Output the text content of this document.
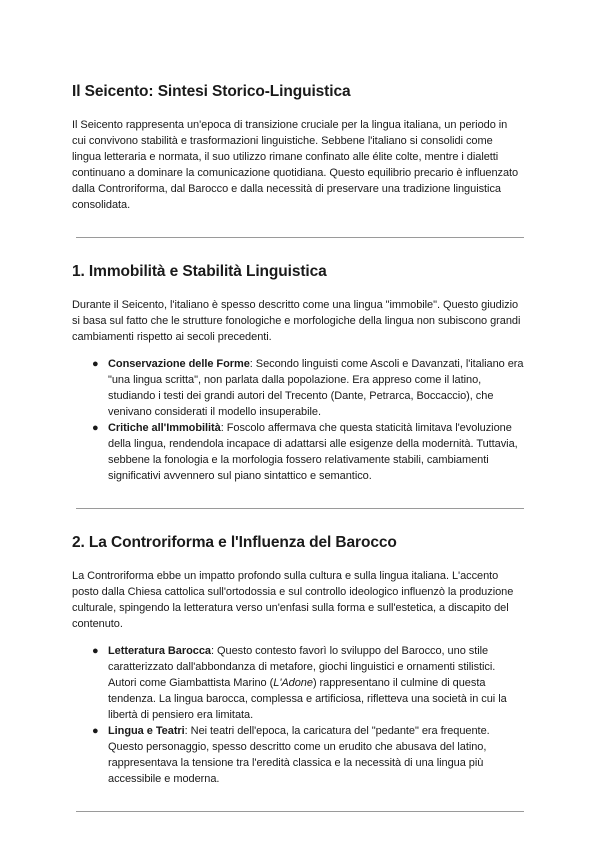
Il Seicento: Sintesi Storico-Linguistica

Il Seicento rappresenta un'epoca di transizione cruciale per la lingua italiana, un periodo in cui convivono stabilità e trasformazioni linguistiche. Sebbene l'italiano si consolidi come lingua letteraria e normata, il suo utilizzo rimane confinato alle élite colte, mentre i dialetti continuano a dominare la comunicazione quotidiana. Questo equilibrio precario è influenzato dalla Controriforma, dal Barocco e dalla necessità di preservare una tradizione linguistica consolidata.

1. Immobilità e Stabilità Linguistica

Durante il Seicento, l'italiano è spesso descritto come una lingua "immobile". Questo giudizio si basa sul fatto che le strutture fonologiche e morfologiche della lingua non subiscono grandi cambiamenti rispetto ai secoli precedenti.

● Conservazione delle Forme: Secondo linguisti come Ascoli e Davanzati, l'italiano era "una lingua scritta", non parlata dalla popolazione. Era appreso come il latino, studiando i testi dei grandi autori del Trecento (Dante, Petrarca, Boccaccio), che venivano considerati il modello insuperabile.
● Critiche all'Immobilità: Foscolo affermava che questa staticità limitava l'evoluzione della lingua, rendendola incapace di adattarsi alle esigenze della modernità. Tuttavia, sebbene la fonologia e la morfologia fossero relativamente stabili, cambiamenti significativi avvennero sul piano sintattico e semantico.
2. La Controriforma e l'Influenza del Barocco

La Controriforma ebbe un impatto profondo sulla cultura e sulla lingua italiana. L'accento posto dalla Chiesa cattolica sull'ortodossia e sul controllo ideologico influenzò la produzione culturale, spingendo la letteratura verso un'enfasi sulla forma e sull'estetica, a discapito del contenuto.

● Letteratura Barocca: Questo contesto favorì lo sviluppo del Barocco, uno stile caratterizzato dall'abbondanza di metafore, giochi linguistici e ornamenti stilistici. Autori come Giambattista Marino (L'Adone) rappresentano il culmine di questa tendenza. La lingua barocca, complessa e artificiosa, rifletteva una società in cui la libertà di pensiero era limitata.
● Lingua e Teatri: Nei teatri dell'epoca, la caricatura del "pedante" era frequente. Questo personaggio, spesso descritto come un erudito che abusava del latino, rappresentava la tensione tra l'eredità classica e la necessità di una lingua più accessibile e moderna.
